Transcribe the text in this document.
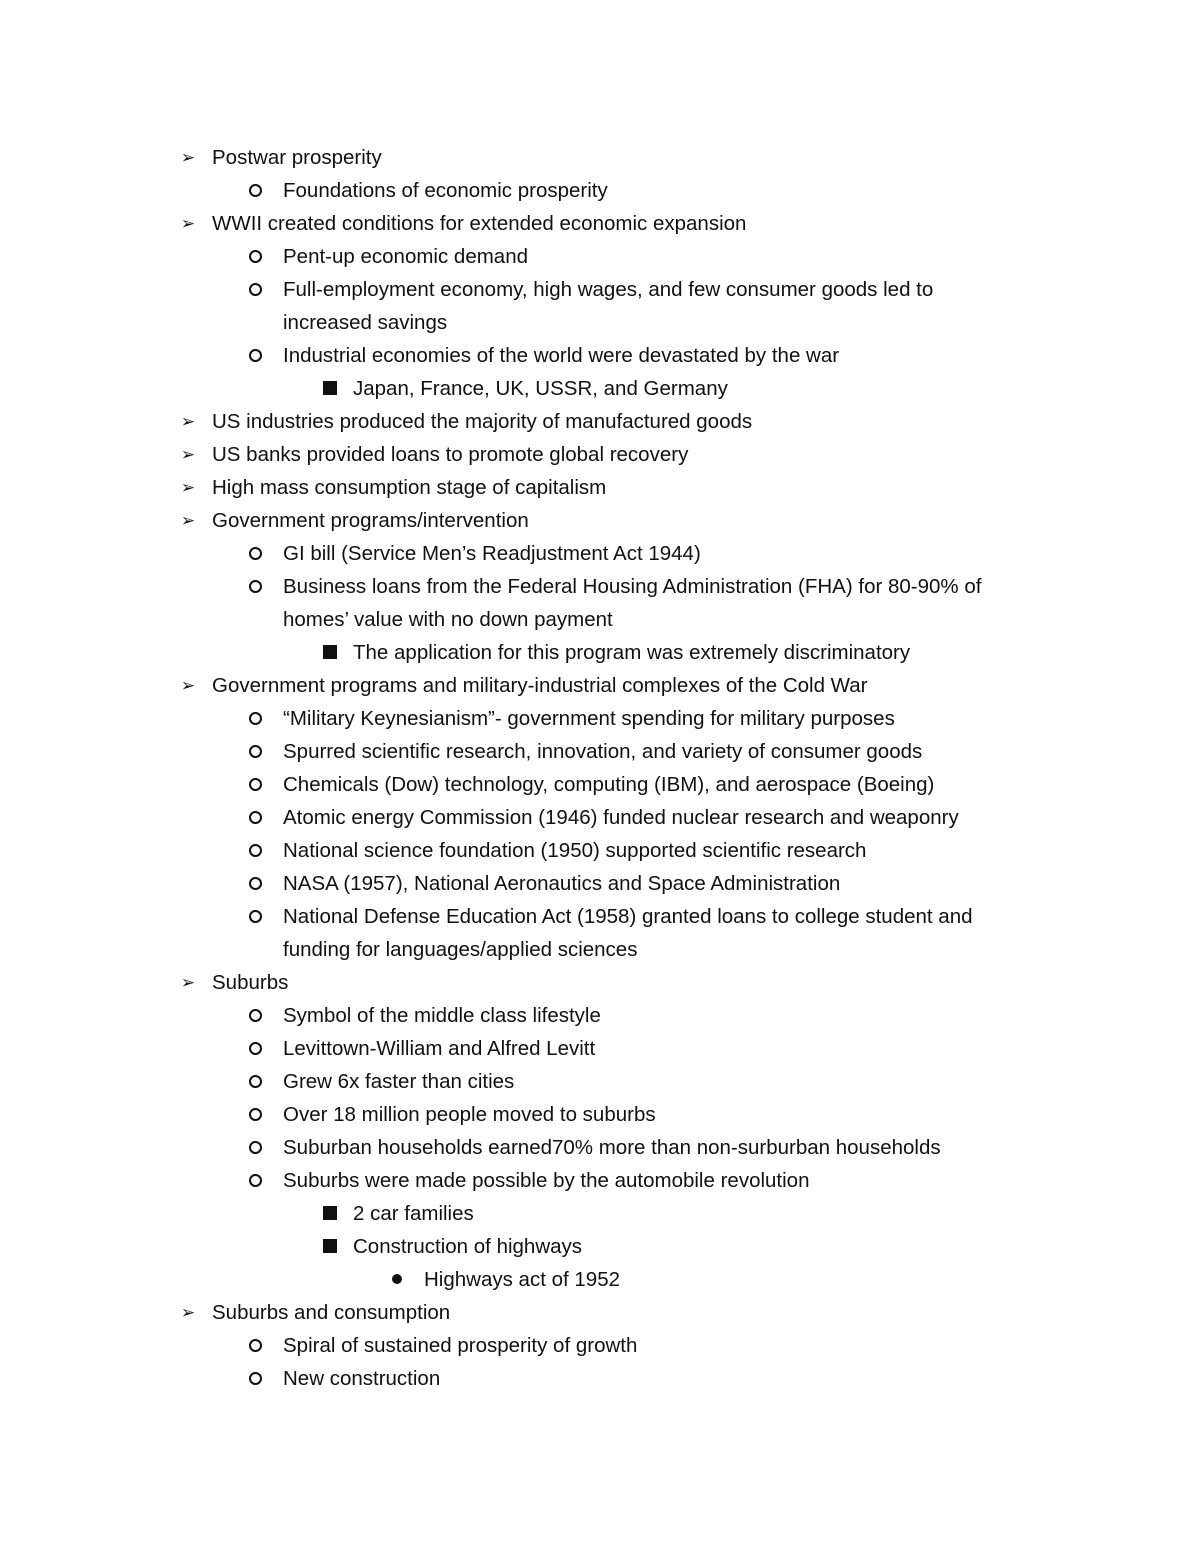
➢ Postwar prosperity
Foundations of economic prosperity
➢ WWII created conditions for extended economic expansion
Pent-up economic demand
Full-employment economy, high wages, and few consumer goods led to
increased savings
Industrial economies of the world were devastated by the war
Japan, France, UK, USSR, and Germany
➢ US industries produced the majority of manufactured goods
➢ US banks provided loans to promote global recovery
➢ High mass consumption stage of capitalism
➢ Government programs/intervention
GI bill (Service Men’s Readjustment Act 1944)
Business loans from the Federal Housing Administration (FHA) for 80-90% of
homes’ value with no down payment
The application for this program was extremely discriminatory
➢ Government programs and military-industrial complexes of the Cold War
“Military Keynesianism”- government spending for military purposes
Spurred scientific research, innovation, and variety of consumer goods
Chemicals (Dow) technology, computing (IBM), and aerospace (Boeing)
Atomic energy Commission (1946) funded nuclear research and weaponry
National science foundation (1950) supported scientific research
NASA (1957), National Aeronautics and Space Administration
National Defense Education Act (1958) granted loans to college student and
funding for languages/applied sciences
➢ Suburbs
Symbol of the middle class lifestyle
Levittown-William and Alfred Levitt
Grew 6x faster than cities
Over 18 million people moved to suburbs
Suburban households earned70% more than non-surburban households
Suburbs were made possible by the automobile revolution
2 car families
Construction of highways
Highways act of 1952
➢ Suburbs and consumption
Spiral of sustained prosperity of growth
New construction
